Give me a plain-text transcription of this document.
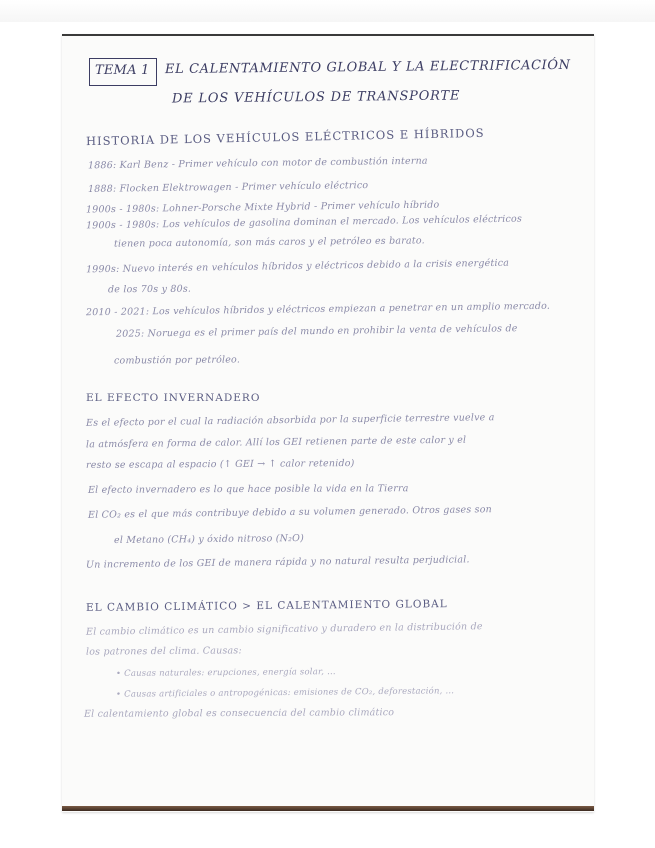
TEMA 1 EL CALENTAMIENTO GLOBAL Y LA ELECTRIFICACIÓN

DE LOS VEHÍCULOS DE TRANSPORTE

HISTORIA DE LOS VEHÍCULOS ELÉCTRICOS E HÍBRIDOS

1886: Karl Benz - Primer vehículo con motor de combustión interna

1888: Flocken Elektrowagen - Primer vehículo eléctrico

1900s - 1980s: Lohner-Porsche Mixte Hybrid - Primer vehículo híbrido

1900s - 1980s: Los vehículos de gasolina dominan el mercado. Los vehículos eléctricos

tienen poca autonomía, son más caros y el petróleo es barato.

1990s: Nuevo interés en vehículos híbridos y eléctricos debido a la crisis energética

de los 70s y 80s.

2010 - 2021: Los vehículos híbridos y eléctricos empiezan a penetrar en un amplio mercado.

2025: Noruega es el primer país del mundo en prohibir la venta de vehículos de

combustión por petróleo.

EL EFECTO INVERNADERO

Es el efecto por el cual la radiación absorbida por la superficie terrestre vuelve a

la atmósfera en forma de calor. Allí los GEI retienen parte de este calor y el

resto se escapa al espacio (↑ GEI → ↑ calor retenido)

El efecto invernadero es lo que hace posible la vida en la Tierra

El CO₂ es el que más contribuye debido a su volumen generado. Otros gases son

el Metano (CH₄) y óxido nitroso (N₂O)

Un incremento de los GEI de manera rápida y no natural resulta perjudicial.

EL CAMBIO CLIMÁTICO > EL CALENTAMIENTO GLOBAL

El cambio climático es un cambio significativo y duradero en la distribución de

los patrones del clima. Causas:

• Causas naturales: erupciones, energía solar, ...

• Causas artificiales o antropogénicas: emisiones de CO₂, deforestación, ...

El calentamiento global es consecuencia del cambio climático
